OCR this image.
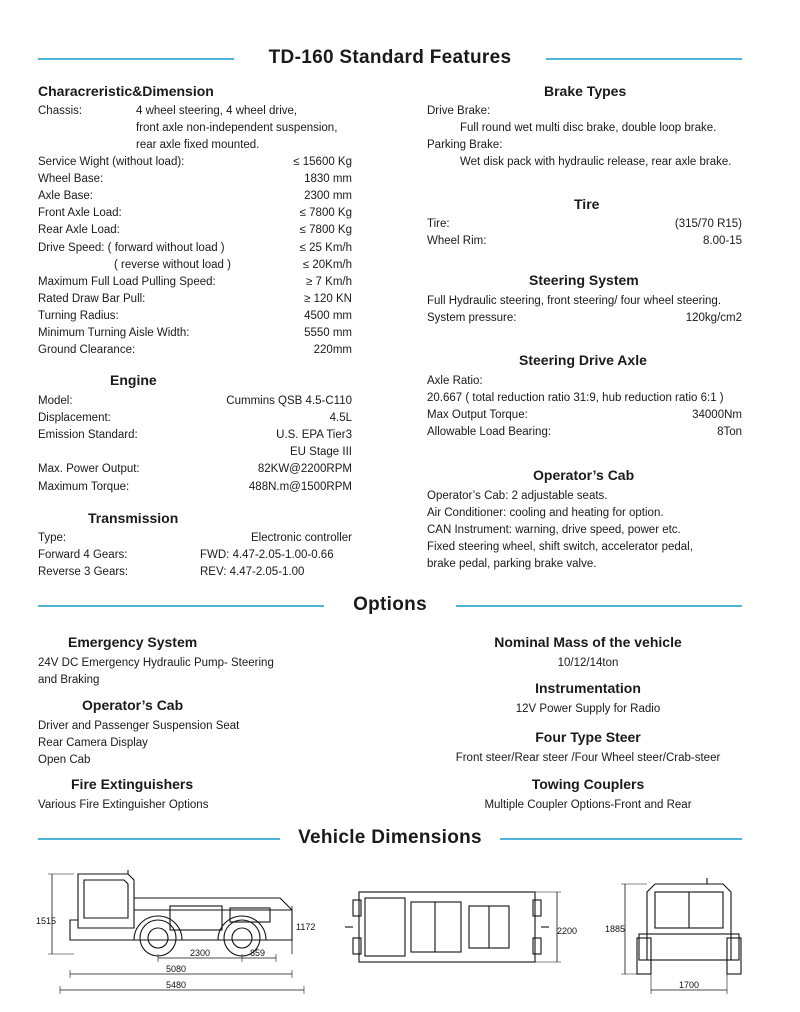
TD-160 Standard Features
Characreristic&Dimension
Chassis:	4 wheel steering, 4 wheel drive,
front axle non-independent suspension,
rear axle fixed mounted.
Service Wight (without load):	≤ 15600 Kg
Wheel Base:	1830 mm
Axle Base:	2300 mm
Front Axle Load:	≤ 7800 Kg
Rear Axle Load:	≤ 7800 Kg
Drive Speed: ( forward without load )	≤ 25 Km/h
( reverse without load )	≤ 20Km/h
Maximum Full Load Pulling Speed:	≥ 7 Km/h
Rated Draw Bar Pull:	≥ 120 KN
Turning Radius:	4500 mm
Minimum Turning Aisle Width:	5550 mm
Ground Clearance:	220mm
Engine
Model:	Cummins QSB 4.5-C110
Displacement:	4.5L
Emission Standard:	U.S. EPA Tier3
EU Stage III
Max. Power Output:	82KW@2200RPM
Maximum Torque:	488N.m@1500RPM
Transmission
Type:	Electronic controller
Forward 4 Gears:	FWD: 4.47-2.05-1.00-0.66
Reverse 3 Gears:	REV: 4.47-2.05-1.00
Brake Types
Drive Brake:
Full round wet multi disc brake, double loop brake.
Parking Brake:
Wet disk pack with hydraulic release, rear axle brake.
Tire
Tire:	(315/70 R15)
Wheel Rim:	8.00-15
Steering System
Full Hydraulic steering, front steering/ four wheel steering.
System pressure:	120kg/cm2
Steering Drive Axle
Axle Ratio:
20.667 ( total reduction ratio 31:9, hub reduction ratio 6:1 )
Max Output Torque:	34000Nm
Allowable Load Bearing:	8Ton
Operator’s Cab
Operator’s Cab: 2 adjustable seats.
Air Conditioner: cooling and heating for option.
CAN Instrument: warning, drive speed, power etc.
Fixed steering wheel, shift switch, accelerator pedal,
brake pedal, parking brake valve.
Options
Emergency System
24V DC Emergency Hydraulic Pump- Steering
and Braking
Operator’s Cab
Driver and Passenger Suspension Seat
Rear Camera Display
Open Cab
Fire Extinguishers
Various Fire Extinguisher Options
Nominal Mass of the vehicle
10/12/14ton
Instrumentation
12V Power Supply for Radio
Four Type Steer
Front steer/Rear steer /Four Wheel steer/Crab-steer
Towing Couplers
Multiple Coupler Options-Front and Rear
Vehicle Dimensions
1515
1172
2300	859
5080
5480
2200	1885
1700
